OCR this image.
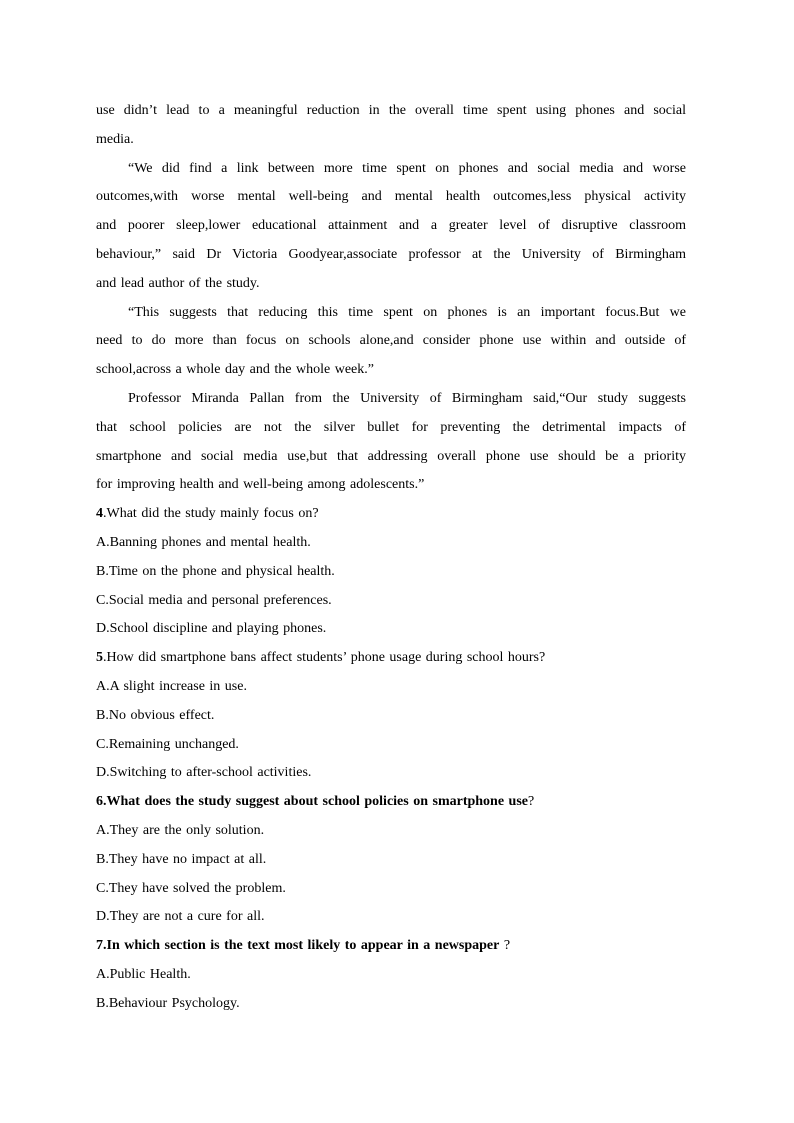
use didn’t lead to a meaningful reduction in the overall time spent using phones and social
media.
“We did find a link between more time spent on phones and social media and worse
outcomes,with worse mental well-being and mental health outcomes,less physical activity
and poorer sleep,lower educational attainment and a greater level of disruptive classroom
behaviour,” said Dr Victoria Goodyear,associate professor at the University of Birmingham
and lead author of the study.
“This suggests that reducing this time spent on phones is an important focus.But we
need to do more than focus on schools alone,and consider phone use within and outside of
school,across a whole day and the whole week.”
Professor Miranda Pallan from the University of Birmingham said,“Our study suggests
that school policies are not the silver bullet for preventing the detrimental impacts of
smartphone and social media use,but that addressing overall phone use should be a priority
for improving health and well-being among adolescents.”
4.What did the study mainly focus on?
A.Banning phones and mental health.
B.Time on the phone and physical health.
C.Social media and personal preferences.
D.School discipline and playing phones.
5.How did smartphone bans affect students’ phone usage during school hours?
A.A slight increase in use.
B.No obvious effect.
C.Remaining unchanged.
D.Switching to after-school activities.
6.What does the study suggest about school policies on smartphone use?
A.They are the only solution.
B.They have no impact at all.
C.They have solved the problem.
D.They are not a cure for all.
7.In which section is the text most likely to appear in a newspaper ?
A.Public Health.
B.Behaviour Psychology.
